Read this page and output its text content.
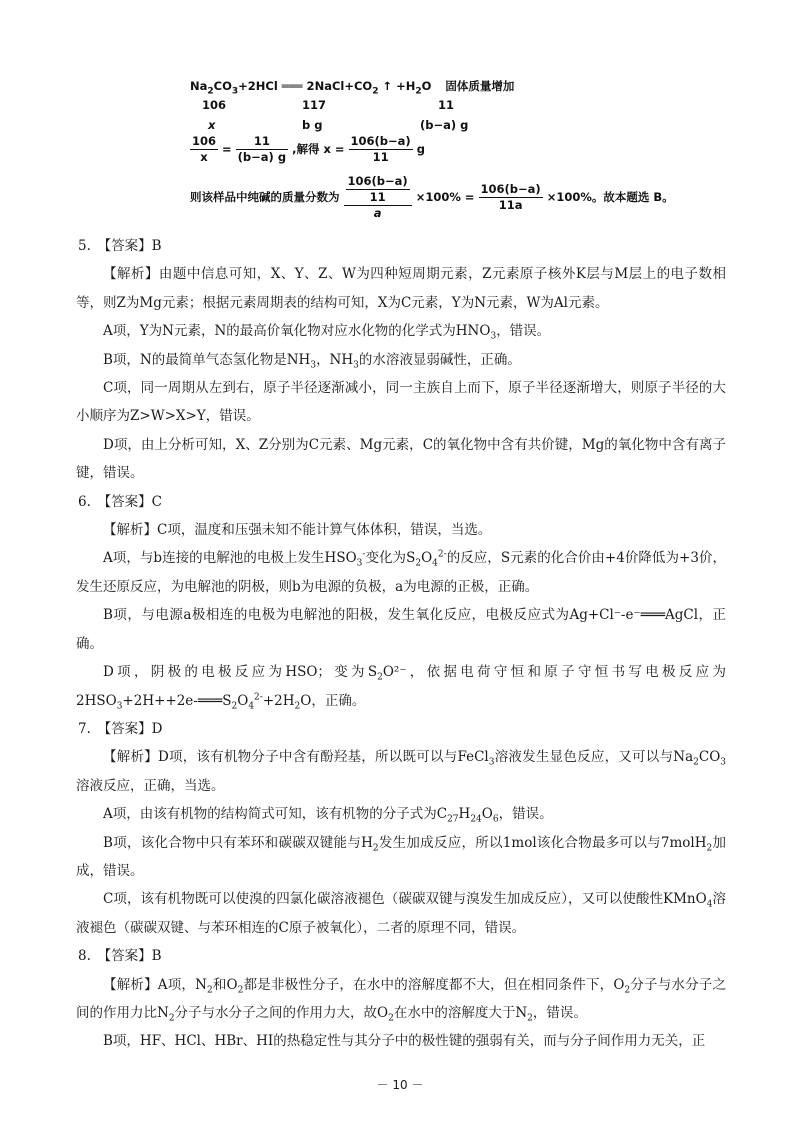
$Na_2CO_3+2HCl$ ═══ $2NaCl+CO_2$ ↑ $+H_2O$ 固体质量增加
106	117	11
x	b g	(b−a) g
$\frac{106}{x} = \frac{11}{(b-a) g}$ ,解得 $x = \frac{106(b-a)}{11}$ g
则该样品中纯碱的质量分数为 $\frac{\frac{106(b-a)}{11}}{a} \times 100\% = \frac{106(b-a)}{11a} \times 100\%$。故本题选 B。

5.　【答案】B

【解析】由题中信息可知，X、Y、Z、W为四种短周期元素，Z元素原子核外K层与M层上的电子数相等，则Z为Mg元素；根据元素周期表的结构可知，X为C元素，Y为N元素，W为Al元素。

A项，Y为N元素，N的最高价氧化物对应水化物的化学式为$HNO_3$，错误。

B项，N的最简单气态氢化物是$NH_3$，$NH_3$的水溶液显弱碱性，正确。

C项，同一周期从左到右，原子半径逐渐减小，同一主族自上而下，原子半径逐渐增大，则原子半径的大小顺序为Z>W>X>Y，错误。

D项，由上分析可知，X、Z分别为C元素、Mg元素，C的氧化物中含有共价键，Mg的氧化物中含有离子键，错误。

6.　【答案】C

【解析】C项，温度和压强未知不能计算气体体积，错误，当选。

A项，与b连接的电解池的电极上发生$HSO_3^-$变化为$S_2O_4^{2-}$的反应，S元素的化合价由+4价降低为+3价，发生还原反应，为电解池的阴极，则b为电源的负极，a为电源的正极，正确。

B项，与电源a极相连的电极为电解池的阳极，发生氧化反应，电极反应式为Ag+Cl⁻-e⁻═══AgCl，正确。

D项，阴极的电极反应为HSO；变为$S_2O^{2-}$，依据电荷守恒和原子守恒书写电极反应为$2HSO_3+2H++2e-═══S_2O_4^{2-}+2H_2O$，正确。

7.　【答案】D

【解析】D项，该有机物分子中含有酚羟基，所以既可以与FeCl$_3$溶液发生显色反应，又可以与$Na_2CO_3$溶液反应，正确，当选。

A项，由该有机物的结构简式可知，该有机物的分子式为$C_{27}H_{24}O_6$，错误。

B项，该化合物中只有苯环和碳碳双键能与$H_2$发生加成反应，所以1mol该化合物最多可以与7molH$_2$加成，错误。

C项，该有机物既可以使溴的四氯化碳溶液褪色（碳碳双键与溴发生加成反应），又可以使酸性KMnO$_4$溶液褪色（碳碳双键、与苯环相连的C原子被氧化），二者的原理不同，错误。

8.　【答案】B

【解析】A项，$N_2$和$O_2$都是非极性分子，在水中的溶解度都不大，但在相同条件下，$O_2$分子与水分子之间的作用力比$N_2$分子与水分子之间的作用力大，故$O_2$在水中的溶解度大于$N_2$，错误。

B项，HF、HCl、HBr、HI的热稳定性与其分子中的极性键的强弱有关，而与分子间作用力无关，正

－ 10 －
